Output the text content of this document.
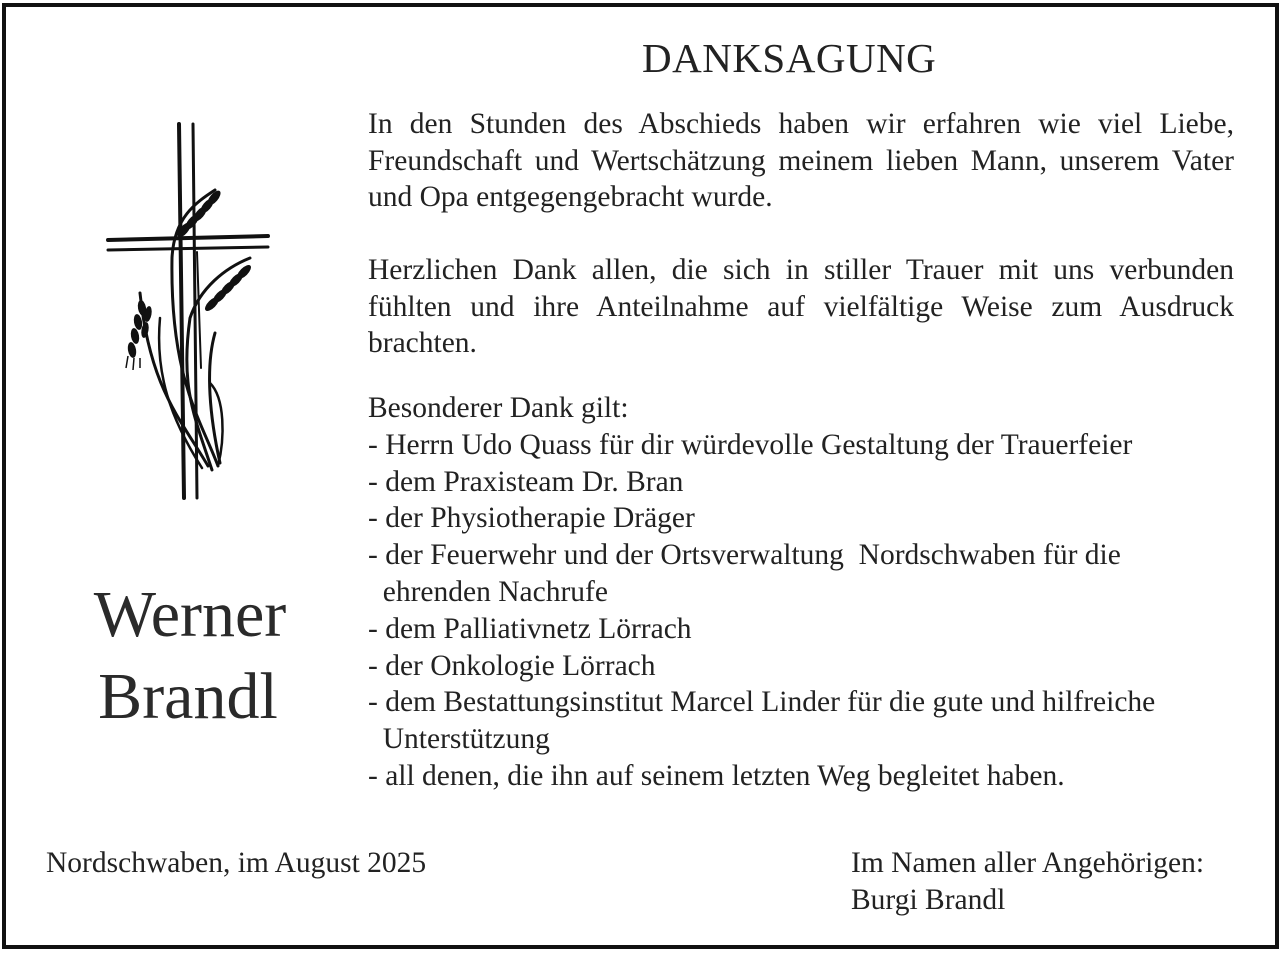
DANKSAGUNG
In den Stunden des Abschieds haben wir erfahren wie viel Liebe, Freundschaft und Wertschätzung meinem lieben Mann, unserem Vater und Opa entgegengebracht wurde.
Herzlichen Dank allen, die sich in stiller Trauer mit uns verbunden fühlten und ihre Anteilnahme auf vielfältige Weise zum Ausdruck brachten.
Besonderer Dank gilt:
- Herrn Udo Quass für dir würdevolle Gestaltung der Trauerfeier
- dem Praxisteam Dr. Bran
- der Physiotherapie Dräger
- der Feuerwehr und der Ortsverwaltung  Nordschwaben für die
ehrenden Nachrufe
- dem Palliativnetz Lörrach
- der Onkologie Lörrach
- dem Bestattungsinstitut Marcel Linder für die gute und hilfreiche
Unterstützung
- all denen, die ihn auf seinem letzten Weg begleitet haben.
Werner
Brandl
Nordschwaben, im August 2025	Im Namen aller Angehörigen:
Burgi Brandl
